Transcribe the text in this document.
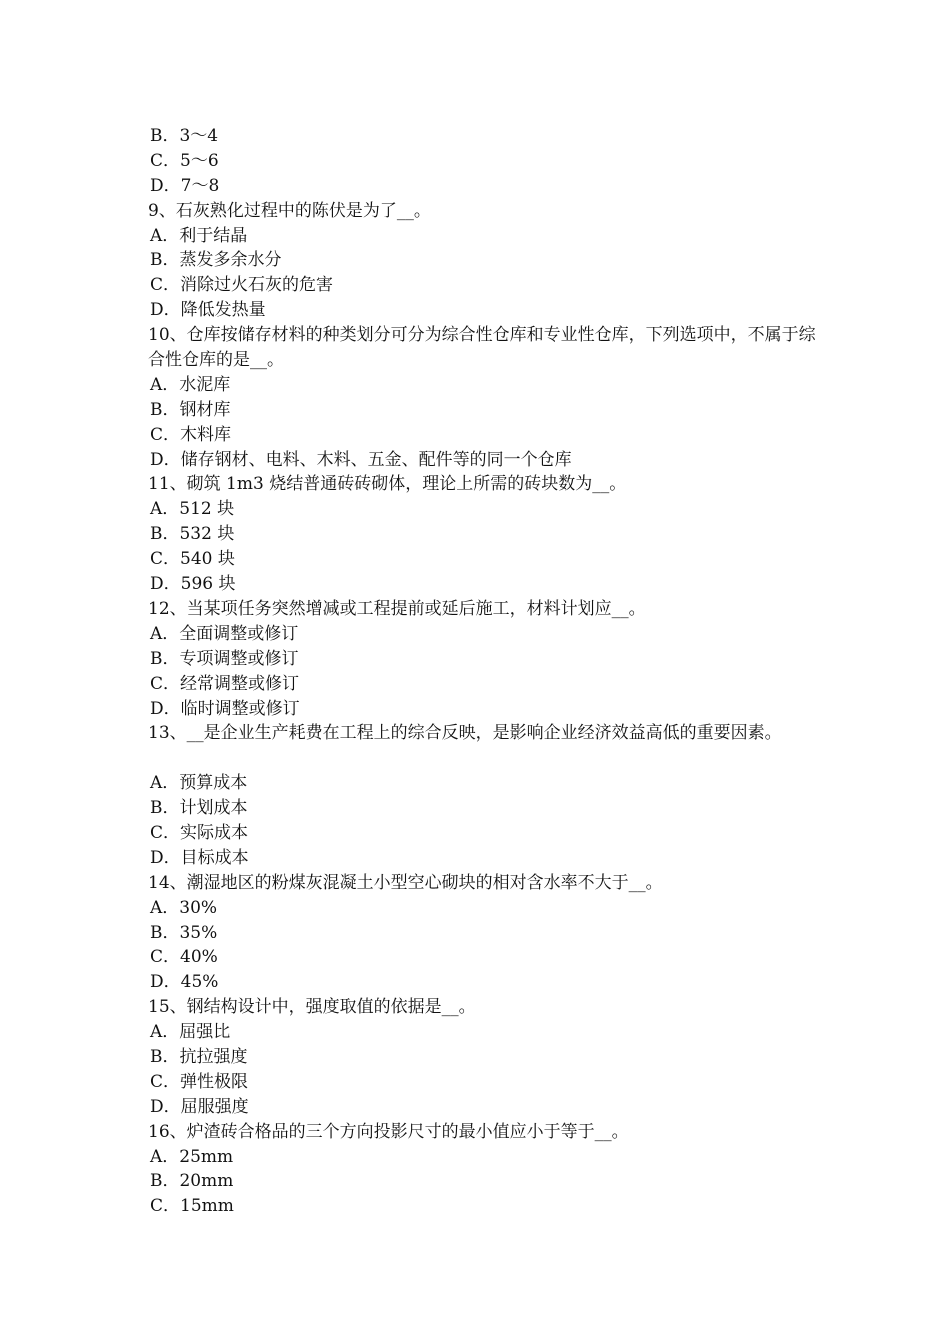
B．3～4
C．5～6
D．7～8
9、石灰熟化过程中的陈伏是为了__。
A．利于结晶
B．蒸发多余水分
C．消除过火石灰的危害
D．降低发热量
10、仓库按储存材料的种类划分可分为综合性仓库和专业性仓库，下列选项中，不属于综合性仓库的是__。
A．水泥库
B．钢材库
C．木料库
D．储存钢材、电料、木料、五金、配件等的同一个仓库
11、砌筑 1m3 烧结普通砖砖砌体，理论上所需的砖块数为__。
A．512 块
B．532 块
C．540 块
D．596 块
12、当某项任务突然增减或工程提前或延后施工，材料计划应__。
A．全面调整或修订
B．专项调整或修订
C．经常调整或修订
D．临时调整或修订
13、__是企业生产耗费在工程上的综合反映，是影响企业经济效益高低的重要因素。
A．预算成本
B．计划成本
C．实际成本
D．目标成本
14、潮湿地区的粉煤灰混凝土小型空心砌块的相对含水率不大于__。
A．30%
B．35%
C．40%
D．45%
15、钢结构设计中，强度取值的依据是__。
A．屈强比
B．抗拉强度
C．弹性极限
D．屈服强度
16、炉渣砖合格品的三个方向投影尺寸的最小值应小于等于__。
A．25mm
B．20mm
C．15mm
